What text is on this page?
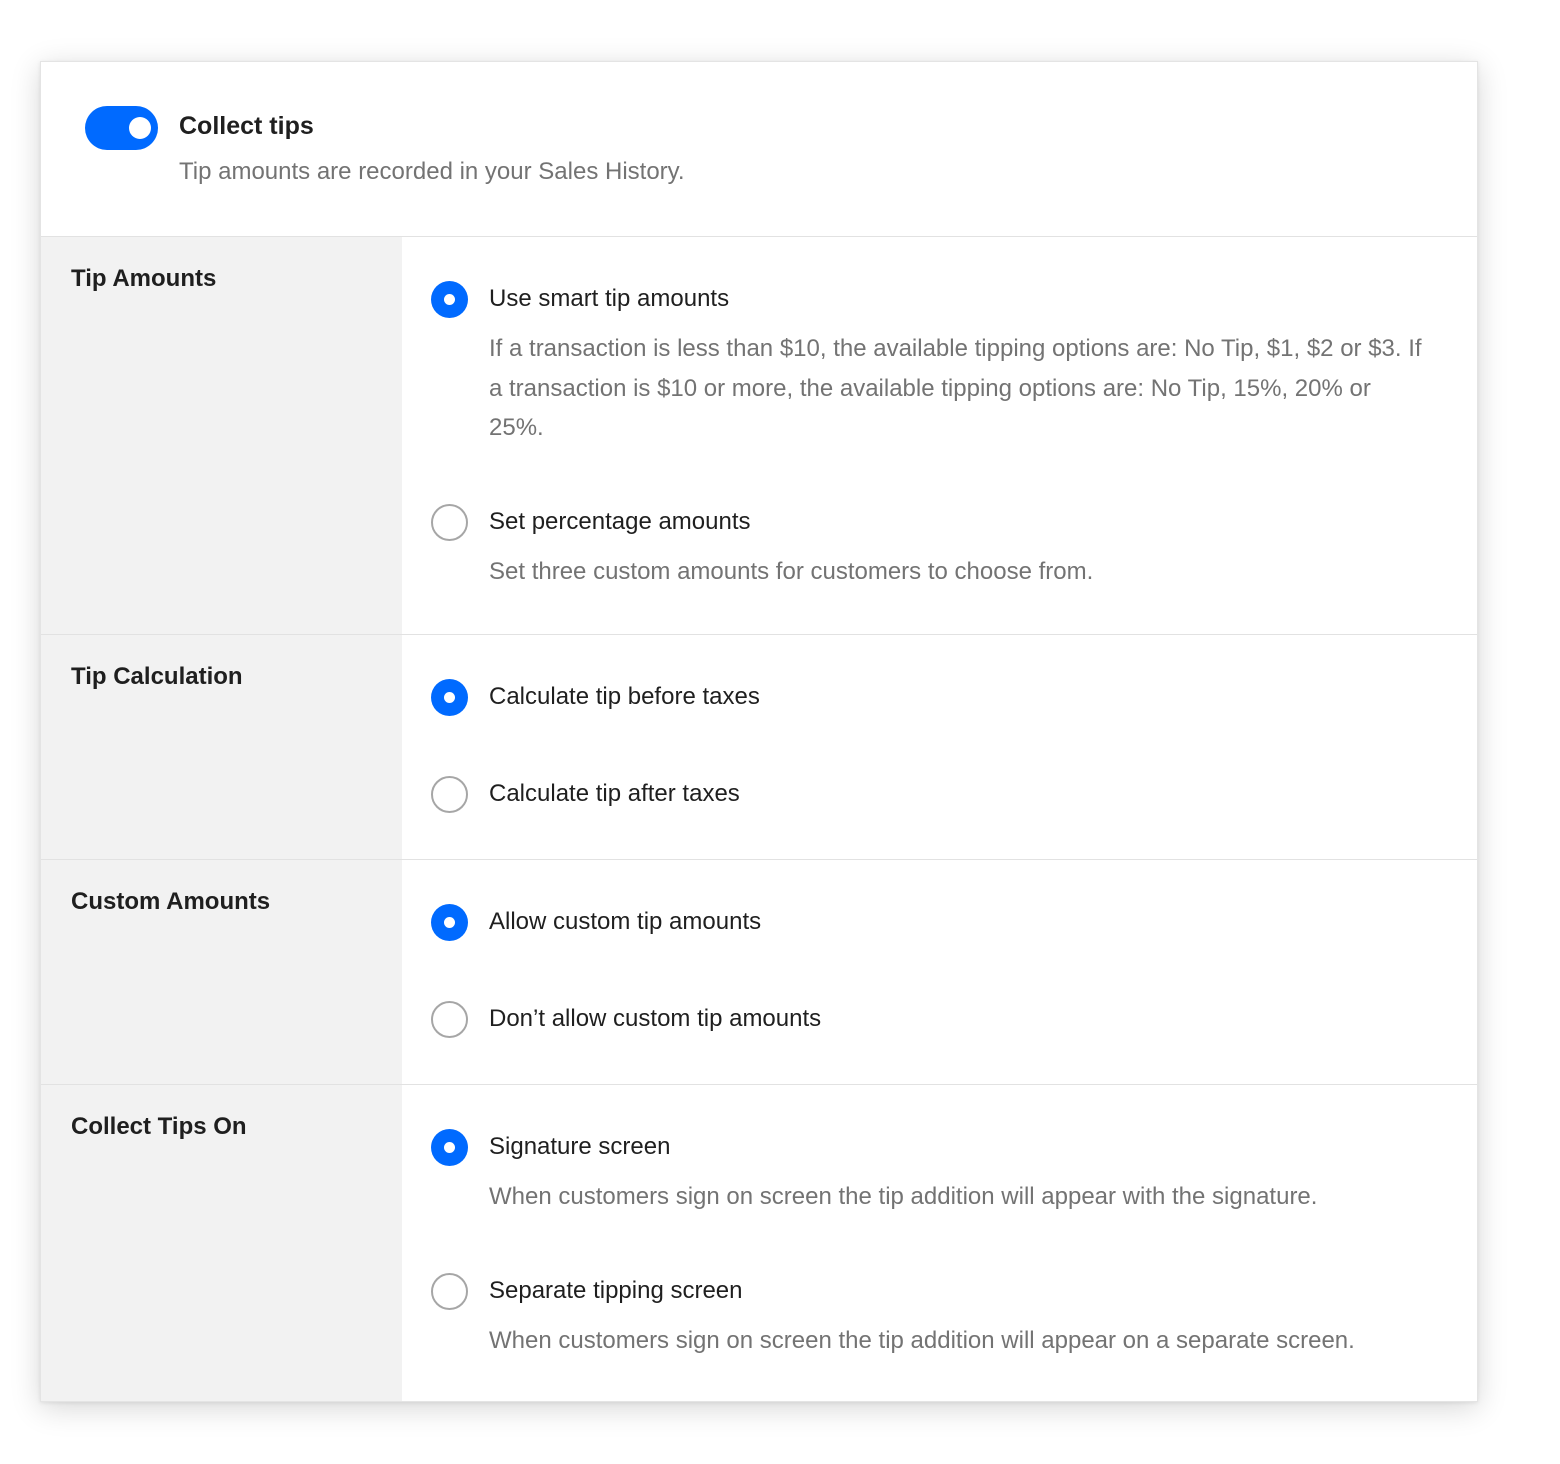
Collect tips
Tip amounts are recorded in your Sales History.
Tip Amounts
Use smart tip amounts
If a transaction is less than $10, the available tipping options are: No Tip, $1, $2 or $3. If a transaction is $10 or more, the available tipping options are: No Tip, 15%, 20% or 25%.
Set percentage amounts
Set three custom amounts for customers to choose from.
Tip Calculation
Calculate tip before taxes
Calculate tip after taxes
Custom Amounts
Allow custom tip amounts
Don’t allow custom tip amounts
Collect Tips On
Signature screen
When customers sign on screen the tip addition will appear with the signature.
Separate tipping screen
When customers sign on screen the tip addition will appear on a separate screen.
